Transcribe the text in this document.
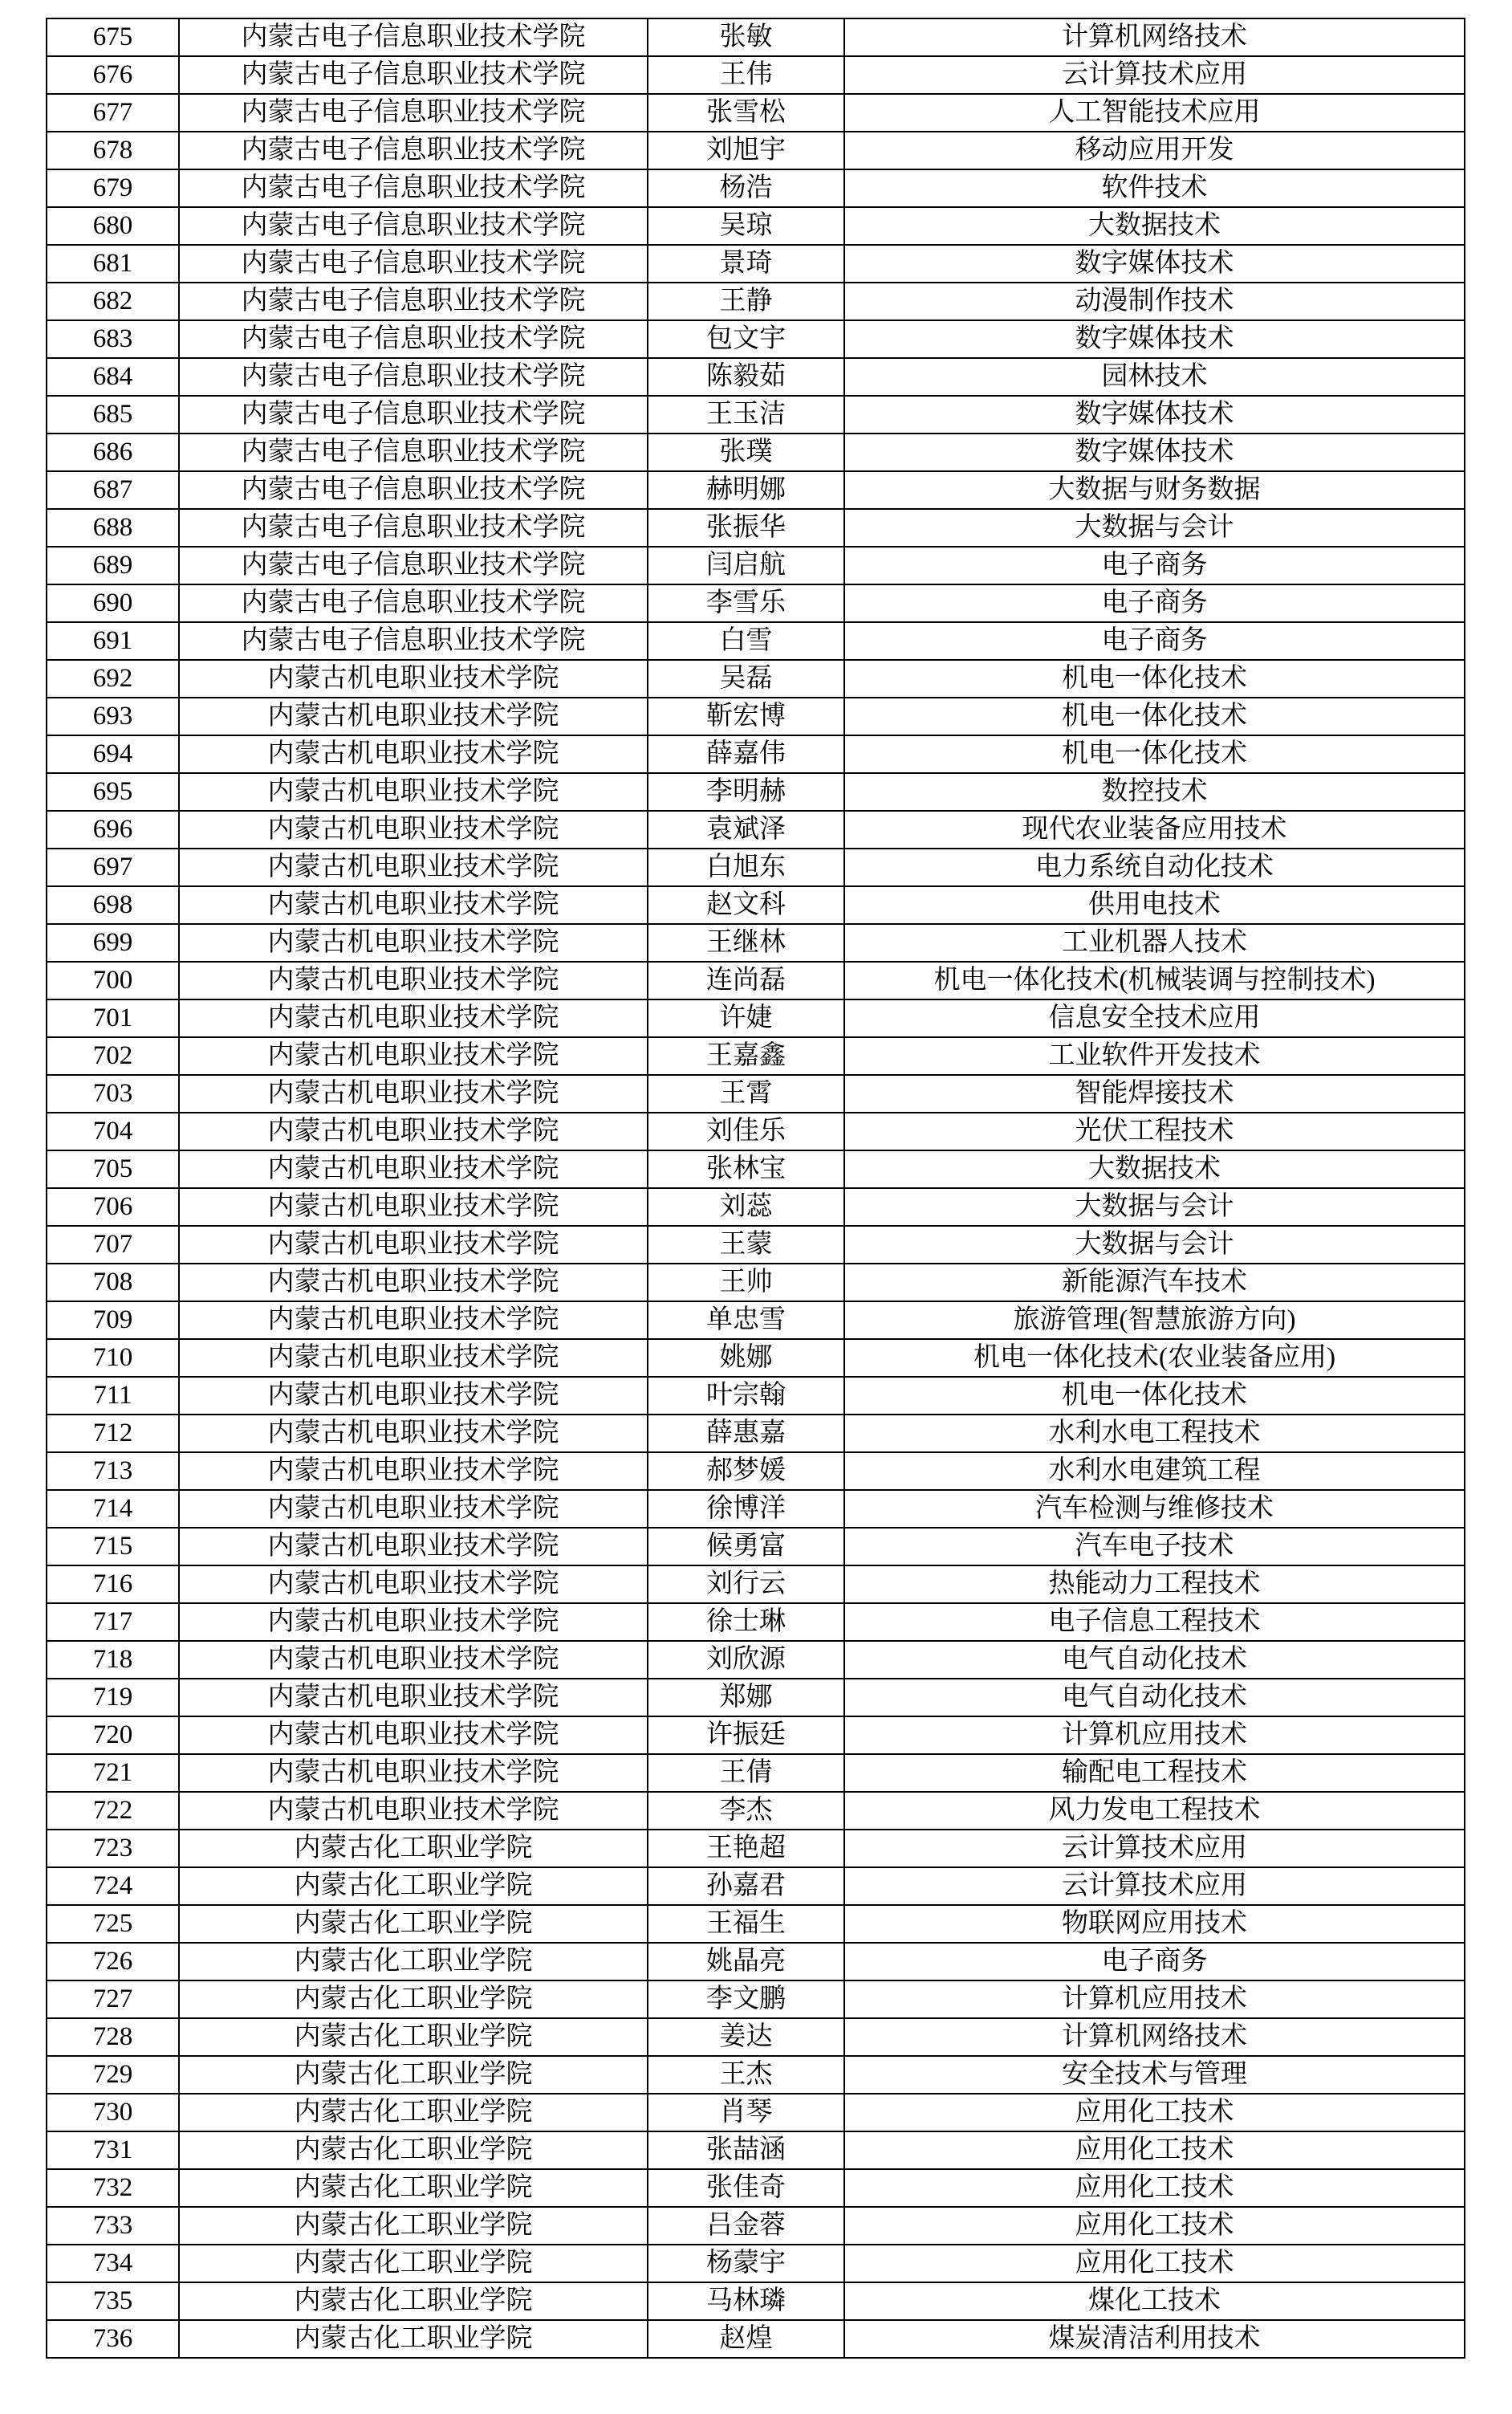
675	内蒙古电子信息职业技术学院	张敏	计算机网络技术
676	内蒙古电子信息职业技术学院	王伟	云计算技术应用
677	内蒙古电子信息职业技术学院	张雪松	人工智能技术应用
678	内蒙古电子信息职业技术学院	刘旭宇	移动应用开发
679	内蒙古电子信息职业技术学院	杨浩	软件技术
680	内蒙古电子信息职业技术学院	吴琼	大数据技术
681	内蒙古电子信息职业技术学院	景琦	数字媒体技术
682	内蒙古电子信息职业技术学院	王静	动漫制作技术
683	内蒙古电子信息职业技术学院	包文宇	数字媒体技术
684	内蒙古电子信息职业技术学院	陈毅茹	园林技术
685	内蒙古电子信息职业技术学院	王玉洁	数字媒体技术
686	内蒙古电子信息职业技术学院	张璞	数字媒体技术
687	内蒙古电子信息职业技术学院	赫明娜	大数据与财务数据
688	内蒙古电子信息职业技术学院	张振华	大数据与会计
689	内蒙古电子信息职业技术学院	闫启航	电子商务
690	内蒙古电子信息职业技术学院	李雪乐	电子商务
691	内蒙古电子信息职业技术学院	白雪	电子商务
692	内蒙古机电职业技术学院	吴磊	机电一体化技术
693	内蒙古机电职业技术学院	靳宏博	机电一体化技术
694	内蒙古机电职业技术学院	薛嘉伟	机电一体化技术
695	内蒙古机电职业技术学院	李明赫	数控技术
696	内蒙古机电职业技术学院	袁斌泽	现代农业装备应用技术
697	内蒙古机电职业技术学院	白旭东	电力系统自动化技术
698	内蒙古机电职业技术学院	赵文科	供用电技术
699	内蒙古机电职业技术学院	王继林	工业机器人技术
700	内蒙古机电职业技术学院	连尚磊	机电一体化技术(机械装调与控制技术)
701	内蒙古机电职业技术学院	许婕	信息安全技术应用
702	内蒙古机电职业技术学院	王嘉鑫	工业软件开发技术
703	内蒙古机电职业技术学院	王霄	智能焊接技术
704	内蒙古机电职业技术学院	刘佳乐	光伏工程技术
705	内蒙古机电职业技术学院	张林宝	大数据技术
706	内蒙古机电职业技术学院	刘蕊	大数据与会计
707	内蒙古机电职业技术学院	王蒙	大数据与会计
708	内蒙古机电职业技术学院	王帅	新能源汽车技术
709	内蒙古机电职业技术学院	单忠雪	旅游管理(智慧旅游方向)
710	内蒙古机电职业技术学院	姚娜	机电一体化技术(农业装备应用)
711	内蒙古机电职业技术学院	叶宗翰	机电一体化技术
712	内蒙古机电职业技术学院	薛惠嘉	水利水电工程技术
713	内蒙古机电职业技术学院	郝梦媛	水利水电建筑工程
714	内蒙古机电职业技术学院	徐博洋	汽车检测与维修技术
715	内蒙古机电职业技术学院	候勇富	汽车电子技术
716	内蒙古机电职业技术学院	刘行云	热能动力工程技术
717	内蒙古机电职业技术学院	徐士琳	电子信息工程技术
718	内蒙古机电职业技术学院	刘欣源	电气自动化技术
719	内蒙古机电职业技术学院	郑娜	电气自动化技术
720	内蒙古机电职业技术学院	许振廷	计算机应用技术
721	内蒙古机电职业技术学院	王倩	输配电工程技术
722	内蒙古机电职业技术学院	李杰	风力发电工程技术
723	内蒙古化工职业学院	王艳超	云计算技术应用
724	内蒙古化工职业学院	孙嘉君	云计算技术应用
725	内蒙古化工职业学院	王福生	物联网应用技术
726	内蒙古化工职业学院	姚晶亮	电子商务
727	内蒙古化工职业学院	李文鹏	计算机应用技术
728	内蒙古化工职业学院	姜达	计算机网络技术
729	内蒙古化工职业学院	王杰	安全技术与管理
730	内蒙古化工职业学院	肖琴	应用化工技术
731	内蒙古化工职业学院	张喆涵	应用化工技术
732	内蒙古化工职业学院	张佳奇	应用化工技术
733	内蒙古化工职业学院	吕金蓉	应用化工技术
734	内蒙古化工职业学院	杨蒙宇	应用化工技术
735	内蒙古化工职业学院	马林璘	煤化工技术
736	内蒙古化工职业学院	赵煌	煤炭清洁利用技术
